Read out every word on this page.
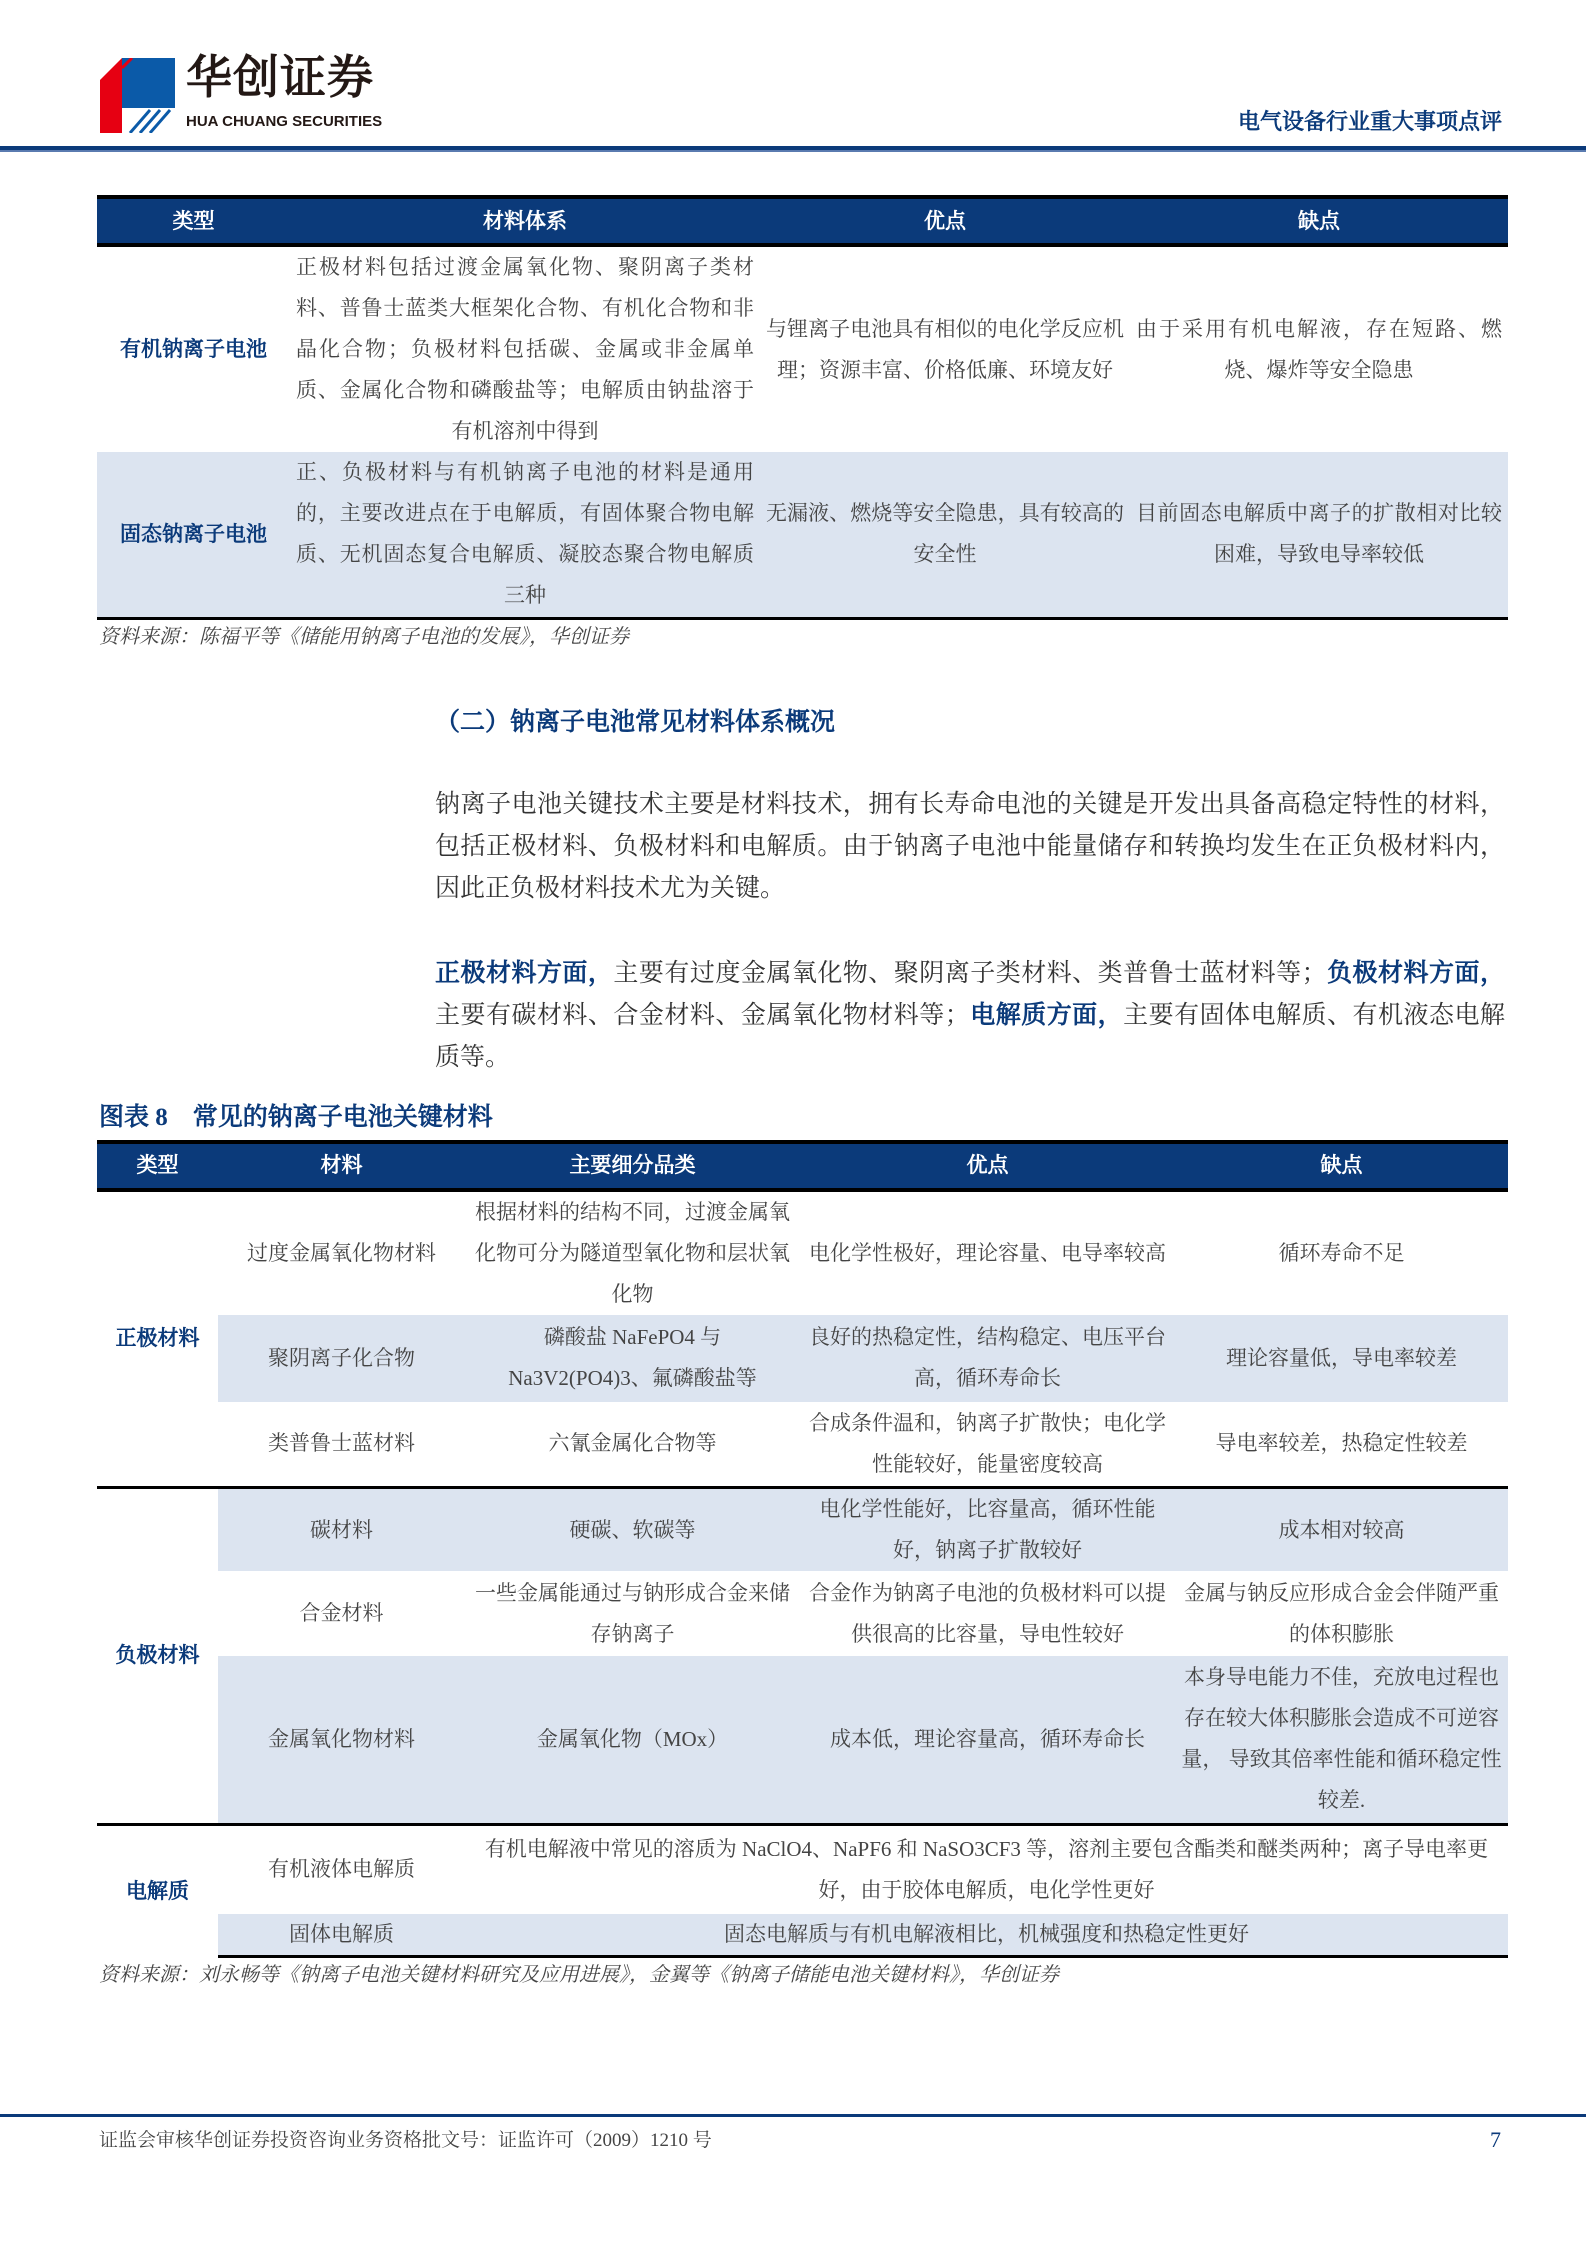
华创证券
HUA CHUANG SECURITIES	电气设备行业重大事项点评
类型	材料体系	优点	缺点
有机钠离子电池	正极材料包括过渡金属氧化物、聚阴离子类材料、普鲁士蓝类大框架化合物、有机化合物和非晶化合物；负极材料包括碳、金属或非金属单质、金属化合物和磷酸盐等；电解质由钠盐溶于有机溶剂中得到	与锂离子电池具有相似的电化学反应机理；资源丰富、价格低廉、环境友好	由于采用有机电解液，存在短路、燃烧、爆炸等安全隐患
固态钠离子电池	正、负极材料与有机钠离子电池的材料是通用的，主要改进点在于电解质，有固体聚合物电解质、无机固态复合电解质、凝胶态聚合物电解质三种	无漏液、燃烧等安全隐患，具有较高的安全性	目前固态电解质中离子的扩散相对比较困难，导致电导率较低
资料来源：陈福平等《储能用钠离子电池的发展》，华创证券
（二）钠离子电池常见材料体系概况

钠离子电池关键技术主要是材料技术，拥有长寿命电池的关键是开发出具备高稳定特性的材料，包括正极材料、负极材料和电解质。由于钠离子电池中能量储存和转换均发生在正负极材料内，因此正负极材料技术尤为关键。

正极材料方面，主要有过度金属氧化物、聚阴离子类材料、类普鲁士蓝材料等；负极材料方面，主要有碳材料、合金材料、金属氧化物材料等；电解质方面，主要有固体电解质、有机液态电解质等。

图表 8　常见的钠离子电池关键材料
类型	材料	主要细分品类	优点	缺点
正极材料	过度金属氧化物材料	根据材料的结构不同，过渡金属氧化物可分为隧道型氧化物和层状氧化物	电化学性极好，理论容量、电导率较高	循环寿命不足
	聚阴离子化合物	磷酸盐 NaFePO4 与 Na3V2(PO4)3、氟磷酸盐等	良好的热稳定性，结构稳定、电压平台高，循环寿命长	理论容量低，导电率较差
	类普鲁士蓝材料	六氰金属化合物等	合成条件温和，钠离子扩散快；电化学性能较好，能量密度较高	导电率较差，热稳定性较差
负极材料	碳材料	硬碳、软碳等	电化学性能好，比容量高，循环性能好，钠离子扩散较好	成本相对较高
	合金材料	一些金属能通过与钠形成合金来储存钠离子	合金作为钠离子电池的负极材料可以提供很高的比容量，导电性较好	金属与钠反应形成合金会伴随严重的体积膨胀
	金属氧化物材料	金属氧化物（MOx）	成本低，理论容量高，循环寿命长	本身导电能力不佳，充放电过程也存在较大体积膨胀会造成不可逆容量， 导致其倍率性能和循环稳定性较差.
电解质	有机液体电解质	有机电解液中常见的溶质为 NaClO4、NaPF6 和 NaSO3CF3 等，溶剂主要包含酯类和醚类两种；离子导电率更好，由于胶体电解质，电化学性更好		
	固体电解质	固态电解质与有机电解液相比，机械强度和热稳定性更好		
资料来源：刘永畅等《钠离子电池关键材料研究及应用进展》，金翼等《钠离子储能电池关键材料》，华创证券
证监会审核华创证券投资咨询业务资格批文号：证监许可（2009）1210 号	7
